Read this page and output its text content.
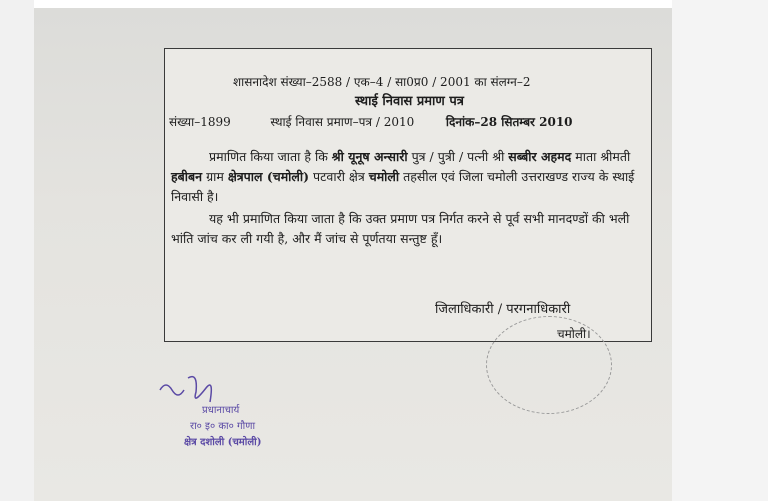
शासनादेश संख्या–2588 / एक–4 / सा0प्र0 / 2001 का संलग्न–2
स्थाई निवास प्रमाण पत्र
संख्या–1899	स्थाई निवास प्रमाण–पत्र / 2010	दिनांक–28 सितम्बर 2010
प्रमाणित किया जाता है कि श्री यूनूष अन्सारी पुत्र / पुत्री / पत्नी श्री सब्बीर अहमद माता श्रीमती हबीबन ग्राम क्षेत्रपाल (चमोली) पटवारी क्षेत्र चमोली तहसील एवं जिला चमोली उत्तराखण्ड राज्य के स्थाई निवासी है।
यह भी प्रमाणित किया जाता है कि उक्त प्रमाण पत्र निर्गत करने से पूर्व सभी मानदण्डों की भली भांति जांच कर ली गयी है, और मैं जांच से पूर्णतया सन्तुष्ट हूँ।
जिलाधिकारी / परगनाधिकारी
चमोली।
प्रधानाचार्य
रा० इ० का० गौणा
क्षेत्र दशोली (चमोली)
